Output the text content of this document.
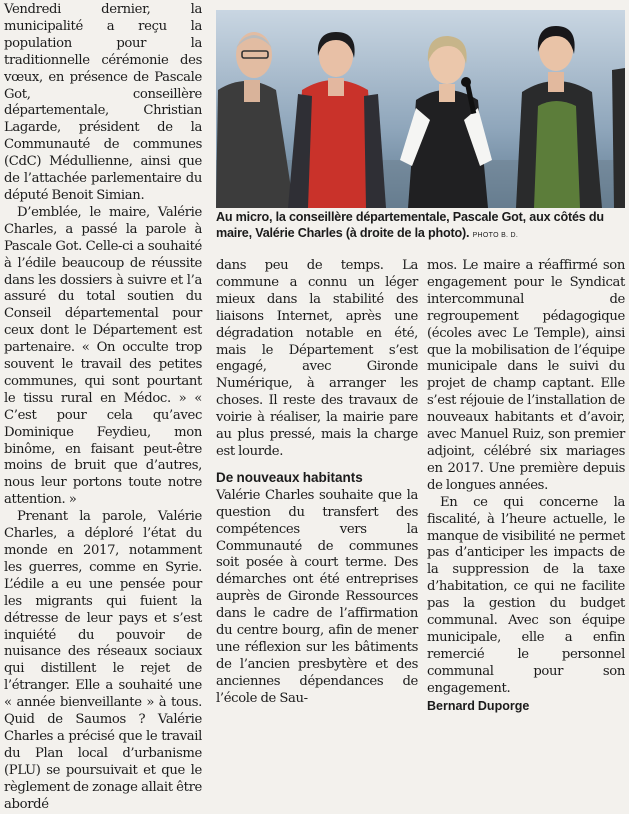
Vendredi dernier, la municipalité a reçu la population pour la traditionnelle cérémonie des vœux, en présence de Pascale Got, conseillère départementale, Christian Lagarde, président de la Communauté de communes (CdC) Médullienne, ainsi que de l’attachée parlementaire du député Benoit Simian.

D’emblée, le maire, Valérie Charles, a passé la parole à Pascale Got. Celle-ci a souhaité à l’édile beaucoup de réussite dans les dossiers à suivre et l’a assuré du total soutien du Conseil départemental pour ceux dont le Département est partenaire. « On occulte trop souvent le travail des petites communes, qui sont pourtant le tissu rural en Médoc. » « C’est pour cela qu’avec Dominique Feydieu, mon binôme, en faisant peut-être moins de bruit que d’autres, nous leur portons toute notre attention. »

Prenant la parole, Valérie Charles, a déploré l’état du monde en 2017, notamment les guerres, comme en Syrie. L’édile a eu une pensée pour les migrants qui fuient la détresse de leur pays et s’est inquiété du pouvoir de nuisance des réseaux sociaux qui distillent le rejet de l’étranger. Elle a souhaité une « année bienveillante » à tous. Quid de Saumos ? Valérie Charles a précisé que le travail du Plan local d’urbanisme (PLU) se poursuivait et que le règlement de zonage allait être abordé

Au micro, la conseillère départementale, Pascale Got, aux côtés du maire, Valérie Charles (à droite de la photo). PHOTO B. D.

dans peu de temps. La commune a connu un léger mieux dans la stabilité des liaisons Internet, après une dégradation notable en été, mais le Département s’est engagé, avec Gironde Numérique, à arranger les choses. Il reste des travaux de voirie à réaliser, la mairie pare au plus pressé, mais la charge est lourde.

De nouveaux habitants

Valérie Charles souhaite que la question du transfert des compétences vers la Communauté de communes soit posée à court terme. Des démarches ont été entreprises auprès de Gironde Ressources dans le cadre de l’affirmation du centre bourg, afin de mener une réflexion sur les bâtiments de l’ancien presbytère et des anciennes dépendances de l’école de Sau-

mos. Le maire a réaffirmé son engagement pour le Syndicat intercommunal de regroupement pédagogique (écoles avec Le Temple), ainsi que la mobilisation de l’équipe municipale dans le suivi du projet de champ captant. Elle s’est réjouie de l’installation de nouveaux habitants et d’avoir, avec Manuel Ruiz, son premier adjoint, célébré six mariages en 2017. Une première depuis de longues années.

En ce qui concerne la fiscalité, à l’heure actuelle, le manque de visibilité ne permet pas d’anticiper les impacts de la suppression de la taxe d’habitation, ce qui ne facilite pas la gestion du budget communal. Avec son équipe municipale, elle a enfin remercié le personnel communal pour son engagement.

Bernard Duporge
